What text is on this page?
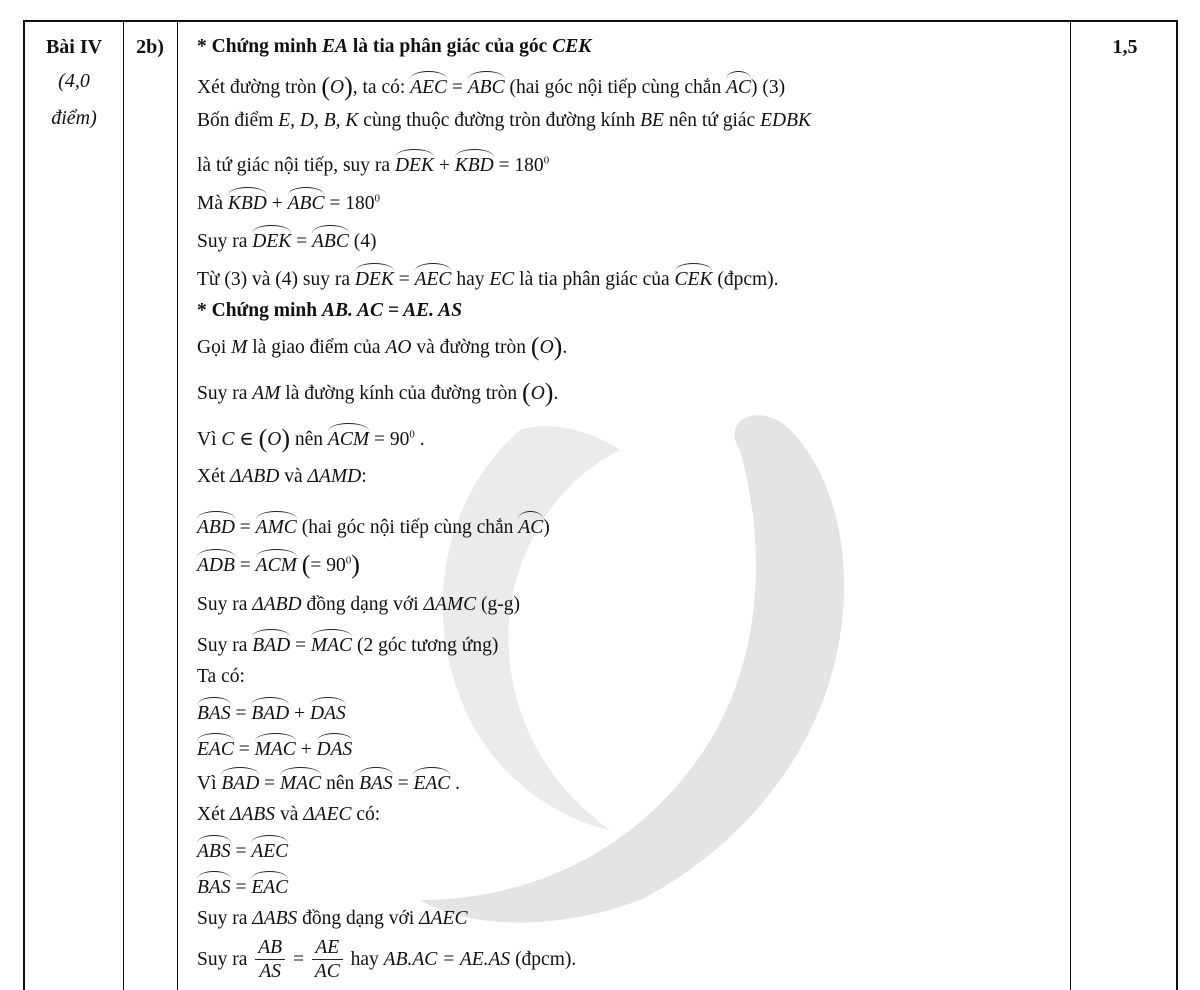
Bài IV
(4,0
điểm)
2b)	1,5
* Chứng minh EA là tia phân giác của góc CEK
Xét đường tròn (O), ta có: AEC = ABC (hai góc nội tiếp cùng chắn AC) (3)
Bốn điểm E, D, B, K cùng thuộc đường tròn đường kính BE nên tứ giác EDBK
là tứ giác nội tiếp, suy ra DEK + KBD = $180^0$
Mà KBD + ABC = $180^0$
Suy ra DEK = ABC (4)
Từ (3) và (4) suy ra DEK = AEC hay EC là tia phân giác của CEK (đpcm).
* Chứng minh AB. AC = AE. AS
Gọi M là giao điểm của AO và đường tròn (O).
Suy ra AM là đường kính của đường tròn (O).
Vì C ∈ (O) nên ACM = $90^0$ .
Xét ΔABD và ΔAMD:
ABD = AMC (hai góc nội tiếp cùng chắn AC)
ADB = ACM (= $90^0$)
Suy ra ΔABD đồng dạng với ΔAMC (g-g)
Suy ra BAD = MAC (2 góc tương ứng)
Ta có:
BAS = BAD + DAS
EAC = MAC + DAS
Vì BAD = MAC nên BAS = EAC .
Xét ΔABS và ΔAEC có:
ABS = AEC
BAS = EAC
Suy ra ΔABS đồng dạng với ΔAEC
Suy ra $\frac{AB}{AS} = \frac{AE}{AC}$ hay AB.AC = AE.AS (đpcm).
